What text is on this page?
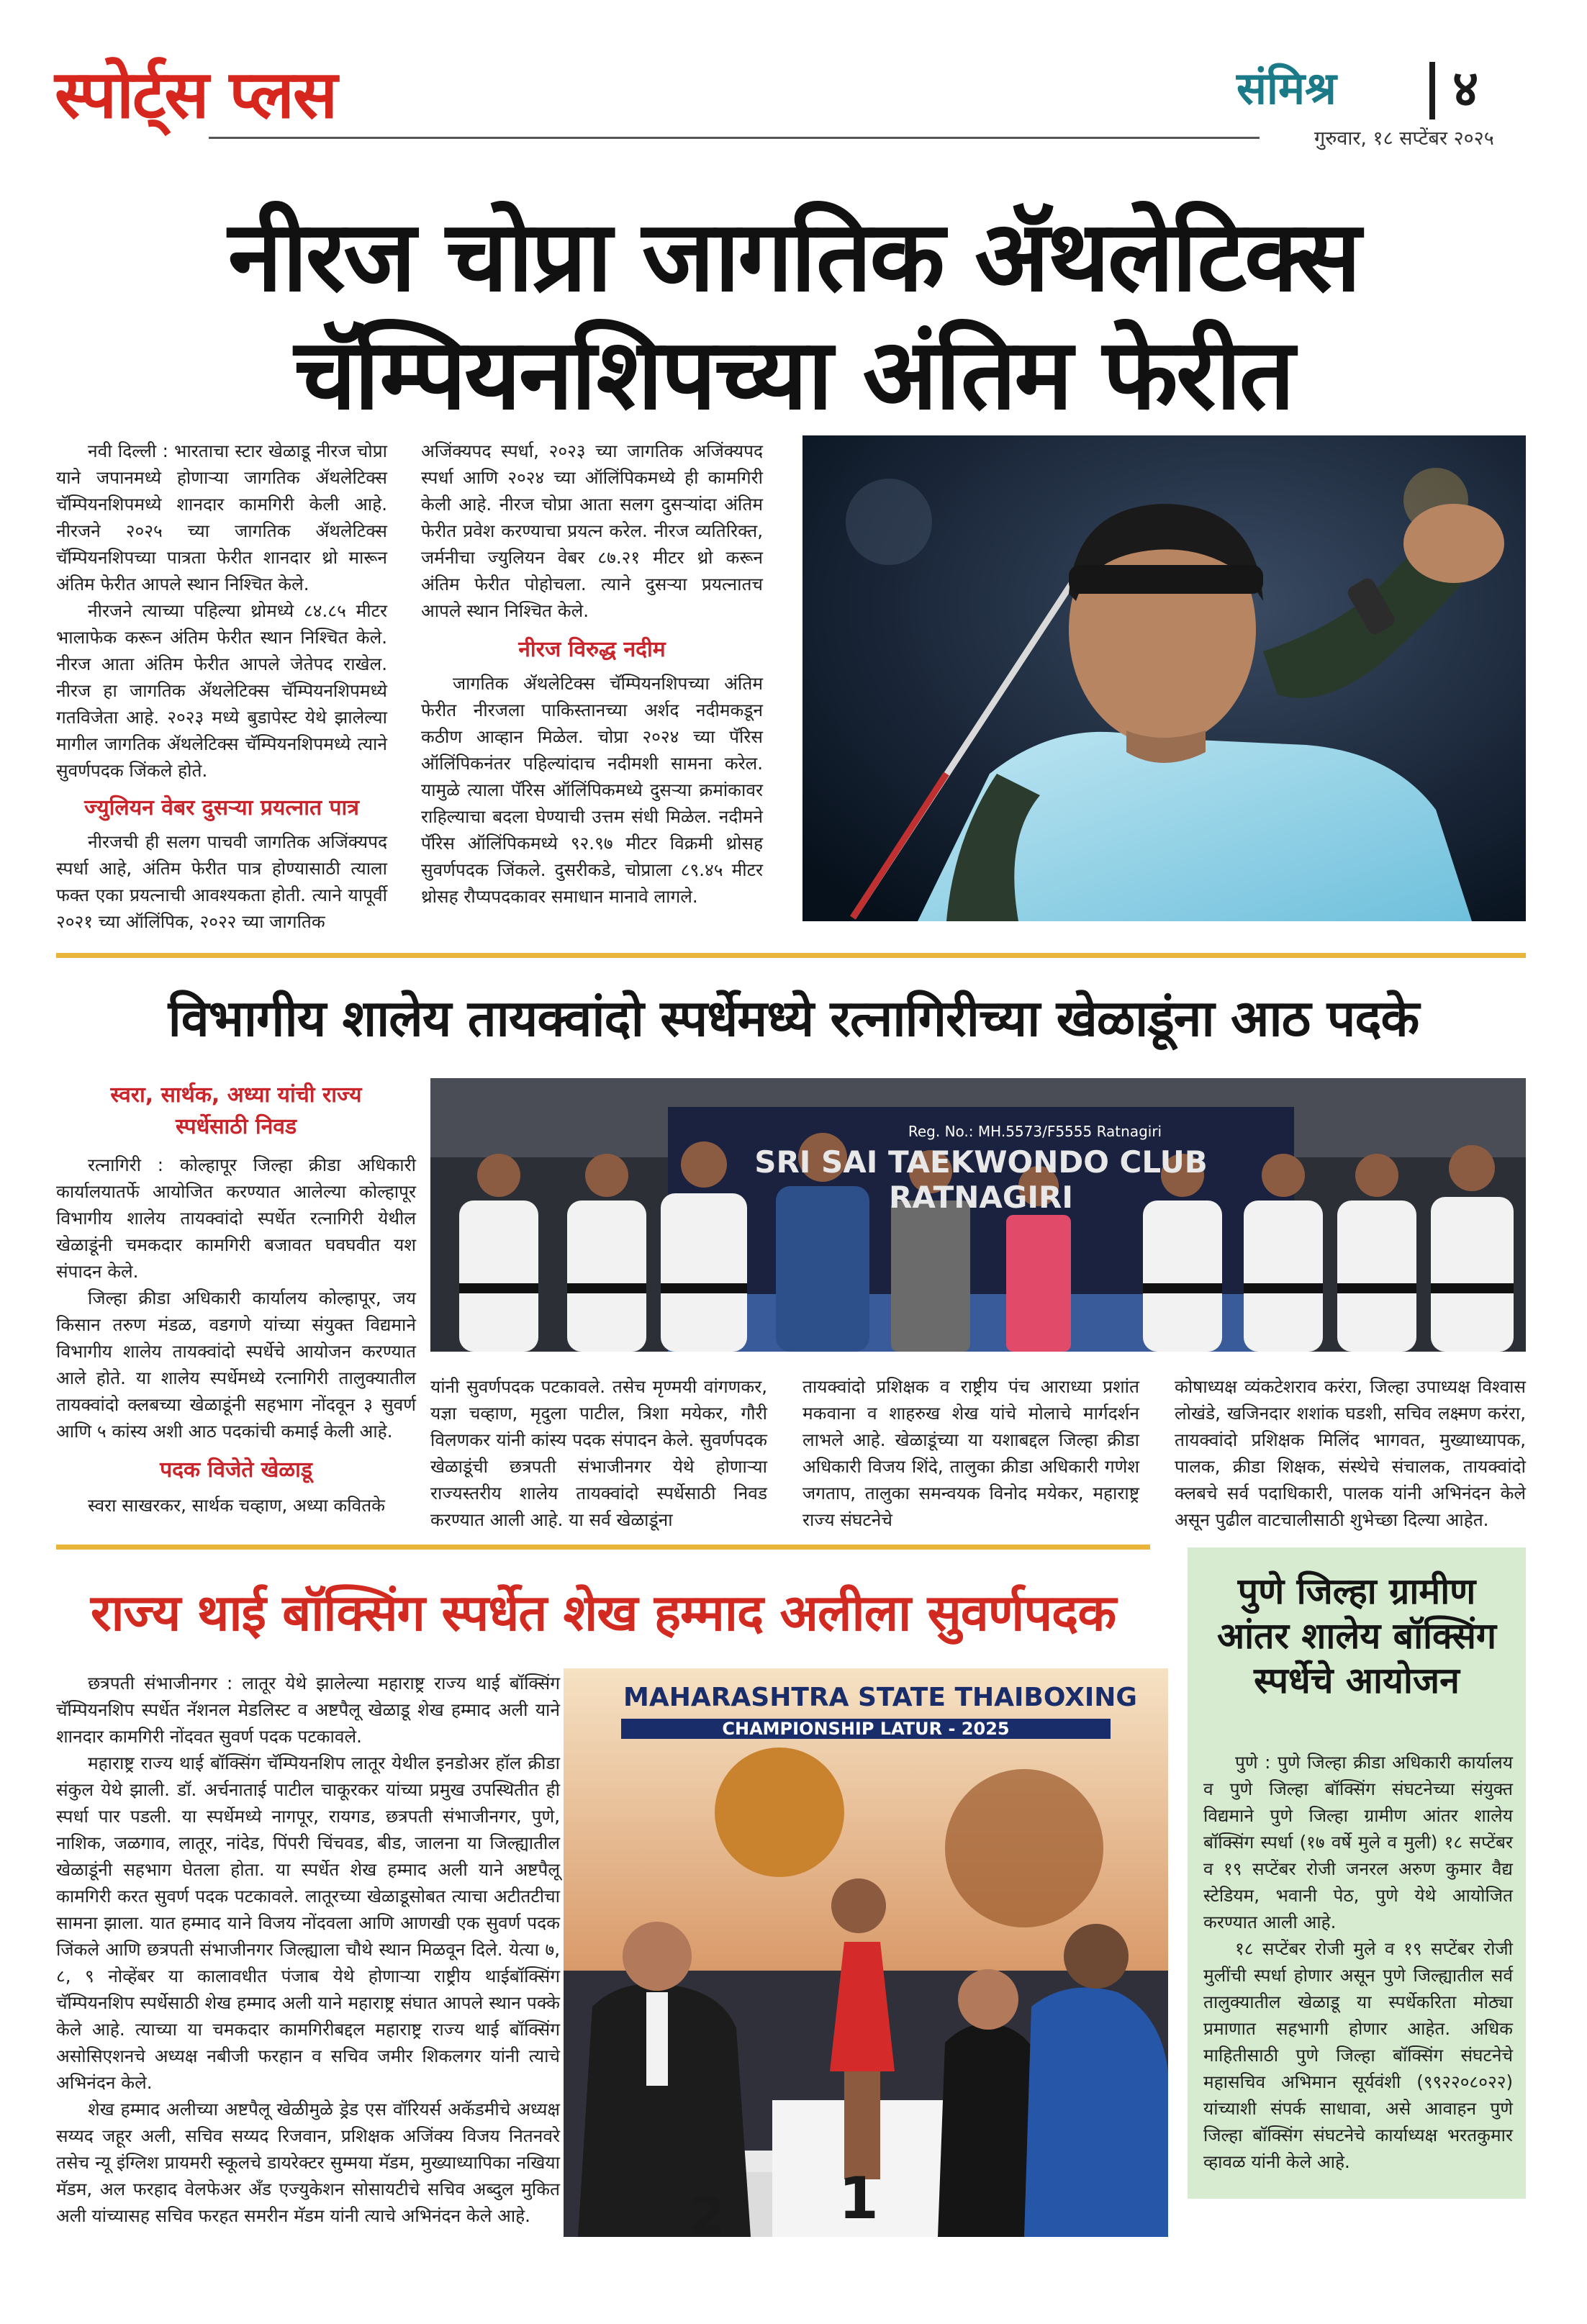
स्पोर्ट्स प्लस	संमिश्र ४
गुरुवार, १८ सप्टेंबर २०२५
नीरज चोप्रा जागतिक ॲथलेटिक्स
चॅम्पियनशिपच्या अंतिम फेरीत

नवी दिल्ली : भारताचा स्टार खेळाडू नीरज चोप्रा याने जपानमध्ये होणाऱ्या जागतिक ॲथलेटिक्स चॅम्पियनशिपमध्ये शानदार कामगिरी केली आहे. नीरजने २०२५ च्या जागतिक ॲथलेटिक्स चॅम्पियनशिपच्या पात्रता फेरीत शानदार थ्रो मारून अंतिम फेरीत आपले स्थान निश्चित केले.

नीरजने त्याच्या पहिल्या थ्रोमध्ये ८४.८५ मीटर भालाफेक करून अंतिम फेरीत स्थान निश्चित केले. नीरज आता अंतिम फेरीत आपले जेतेपद राखेल. नीरज हा जागतिक ॲथलेटिक्स चॅम्पियनशिपमध्ये गतविजेता आहे. २०२३ मध्ये बुडापेस्ट येथे झालेल्या मागील जागतिक ॲथलेटिक्स चॅम्पियनशिपमध्ये त्याने सुवर्णपदक जिंकले होते.

ज्युलियन वेबर दुसऱ्या प्रयत्नात पात्र

नीरजची ही सलग पाचवी जागतिक अजिंक्यपद स्पर्धा आहे, अंतिम फेरीत पात्र होण्यासाठी त्याला फक्त एका प्रयत्नाची आवश्यकता होती. त्याने यापूर्वी २०२१ च्या ऑलिंपिक, २०२२ च्या जागतिक

अजिंक्यपद स्पर्धा, २०२३ च्या जागतिक अजिंक्यपद स्पर्धा आणि २०२४ च्या ऑलिंपिकमध्ये ही कामगिरी केली आहे. नीरज चोप्रा आता सलग दुसऱ्यांदा अंतिम फेरीत प्रवेश करण्याचा प्रयत्न करेल. नीरज व्यतिरिक्त, जर्मनीचा ज्युलियन वेबर ८७.२१ मीटर थ्रो करून अंतिम फेरीत पोहोचला. त्याने दुसऱ्या प्रयत्नातच आपले स्थान निश्चित केले.

नीरज विरुद्ध नदीम

जागतिक ॲथलेटिक्स चॅम्पियनशिपच्या अंतिम फेरीत नीरजला पाकिस्तानच्या अर्शद नदीमकडून कठीण आव्हान मिळेल. चोप्रा २०२४ च्या पॅरिस ऑलिंपिकनंतर पहिल्यांदाच नदीमशी सामना करेल. यामुळे त्याला पॅरिस ऑलिंपिकमध्ये दुसऱ्या क्रमांकावर राहिल्याचा बदला घेण्याची उत्तम संधी मिळेल. नदीमने पॅरिस ऑलिंपिकमध्ये ९२.९७ मीटर विक्रमी थ्रोसह सुवर्णपदक जिंकले. दुसरीकडे, चोप्राला ८९.४५ मीटर थ्रोसह रौप्यपदकावर समाधान मानावे लागले.

विभागीय शालेय तायक्वांदो स्पर्धेमध्ये रत्नागिरीच्या खेळाडूंना आठ पदके
स्वरा, सार्थक, अध्या यांची राज्य स्पर्धेसाठी निवड

रत्नागिरी : कोल्हापूर जिल्हा क्रीडा अधिकारी कार्यालयातर्फे आयोजित करण्यात आलेल्या कोल्हापूर विभागीय शालेय तायक्वांदो स्पर्धेत रत्नागिरी येथील खेळाडूंनी चमकदार कामगिरी बजावत घवघवीत यश संपादन केले.

जिल्हा क्रीडा अधिकारी कार्यालय कोल्हापूर, जय किसान तरुण मंडळ, वडगणे यांच्या संयुक्त विद्यमाने विभागीय शालेय तायक्वांदो स्पर्धेचे आयोजन करण्यात आले होते. या शालेय स्पर्धेमध्ये रत्नागिरी तालुक्यातील तायक्वांदो क्लबच्या खेळाडूंनी सहभाग नोंदवून ३ सुवर्ण आणि ५ कांस्य अशी आठ पदकांची कमाई केली आहे.

पदक विजेते खेळाडू

स्वरा साखरकर, सार्थक चव्हाण, अध्या कवितके

Reg. No.: MH.5573/F5555 Ratnagiri
SRI SAI TAEKWONDO CLUB RATNAGIRI

यांनी सुवर्णपदक पटकावले. तसेच मृण्मयी वांगणकर, यज्ञा चव्हाण, मृदुला पाटील, त्रिशा मयेकर, गौरी विलणकर यांनी कांस्य पदक संपादन केले. सुवर्णपदक खेळाडूंची छत्रपती संभाजीनगर येथे होणाऱ्या राज्यस्तरीय शालेय तायक्वांदो स्पर्धेसाठी निवड करण्यात आली आहे. या सर्व खेळाडूंना

तायक्वांदो प्रशिक्षक व राष्ट्रीय पंच आराध्या प्रशांत मकवाना व शाहरुख शेख यांचे मोलाचे मार्गदर्शन लाभले आहे. खेळाडूंच्या या यशाबद्दल जिल्हा क्रीडा अधिकारी विजय शिंदे, तालुका क्रीडा अधिकारी गणेश जगताप, तालुका समन्वयक विनोद मयेकर, महाराष्ट्र राज्य संघटनेचे

कोषाध्यक्ष व्यंकटेशराव करंरा, जिल्हा उपाध्यक्ष विश्वास लोखंडे, खजिनदार शशांक घडशी, सचिव लक्ष्मण करंरा, तायक्वांदो प्रशिक्षक मिलिंद भागवत, मुख्याध्यापक, पालक, क्रीडा शिक्षक, संस्थेचे संचालक, तायक्वांदो क्लबचे सर्व पदाधिकारी, पालक यांनी अभिनंदन केले असून पुढील वाटचालीसाठी शुभेच्छा दिल्या आहेत.

राज्य थाई बॉक्सिंग स्पर्धेत शेख हम्माद अलीला सुवर्णपदक

छत्रपती संभाजीनगर : लातूर येथे झालेल्या महाराष्ट्र राज्य थाई बॉक्सिंग चॅम्पियनशिप स्पर्धेत नॅशनल मेडलिस्ट व अष्टपैलू खेळाडू शेख हम्माद अली याने शानदार कामगिरी नोंदवत सुवर्ण पदक पटकावले.

महाराष्ट्र राज्य थाई बॉक्सिंग चॅम्पियनशिप लातूर येथील इनडोअर हॉल क्रीडा संकुल येथे झाली. डॉ. अर्चनाताई पाटील चाकूरकर यांच्या प्रमुख उपस्थितीत ही स्पर्धा पार पडली. या स्पर्धेमध्ये नागपूर, रायगड, छत्रपती संभाजीनगर, पुणे, नाशिक, जळगाव, लातूर, नांदेड, पिंपरी चिंचवड, बीड, जालना या जिल्ह्यातील खेळाडूंनी सहभाग घेतला होता. या स्पर्धेत शेख हम्माद अली याने अष्टपैलू कामगिरी करत सुवर्ण पदक पटकावले. लातूरच्या खेळाडूसोबत त्याचा अटीतटीचा सामना झाला. यात हम्माद याने विजय नोंदवला आणि आणखी एक सुवर्ण पदक जिंकले आणि छत्रपती संभाजीनगर जिल्ह्याला चौथे स्थान मिळवून दिले. येत्या ७, ८, ९ नोव्हेंबर या कालावधीत पंजाब येथे होणाऱ्या राष्ट्रीय थाईबॉक्सिंग चॅम्पियनशिप स्पर्धेसाठी शेख हम्माद अली याने महाराष्ट्र संघात आपले स्थान पक्के केले आहे. त्याच्या या चमकदार कामगिरीबद्दल महाराष्ट्र राज्य थाई बॉक्सिंग असोसिएशनचे अध्यक्ष नबीजी फरहान व सचिव जमीर शिकलगर यांनी त्याचे अभिनंदन केले.

शेख हम्माद अलीच्या अष्टपैलू खेळीमुळे ड्रेड एस वॉरियर्स अकॅडमीचे अध्यक्ष सय्यद जहूर अली, सचिव सय्यद रिजवान, प्रशिक्षक अजिंक्य विजय नितनवरे तसेच न्यू इंग्लिश प्रायमरी स्कूलचे डायरेक्टर सुम्मया मॅडम, मुख्याध्यापिका नखिया मॅडम, अल फरहाद वेलफेअर अँड एज्युकेशन सोसायटीचे सचिव अब्दुल मुकित अली यांच्यासह सचिव फरहत समरीन मॅडम यांनी त्याचे अभिनंदन केले आहे.

MAHARASHTRA STATE THAIBOXING
CHAMPIONSHIP LATUR - 2025
1
2
पुणे जिल्हा ग्रामीण आंतर शालेय बॉक्सिंग स्पर्धेचे आयोजन

पुणे : पुणे जिल्हा क्रीडा अधिकारी कार्यालय व पुणे जिल्हा बॉक्सिंग संघटनेच्या संयुक्त विद्यमाने पुणे जिल्हा ग्रामीण आंतर शालेय बॉक्सिंग स्पर्धा (१७ वर्षे मुले व मुली) १८ सप्टेंबर व १९ सप्टेंबर रोजी जनरल अरुण कुमार वैद्य स्टेडियम, भवानी पेठ, पुणे येथे आयोजित करण्यात आली आहे.

१८ सप्टेंबर रोजी मुले व १९ सप्टेंबर रोजी मुलींची स्पर्धा होणार असून पुणे जिल्ह्यातील सर्व तालुक्यातील खेळाडू या स्पर्धेकरिता मोठ्या प्रमाणात सहभागी होणार आहेत. अधिक माहितीसाठी पुणे जिल्हा बॉक्सिंग संघटनेचे महासचिव अभिमान सूर्यवंशी (९९२२०८०२२) यांच्याशी संपर्क साधावा, असे आवाहन पुणे जिल्हा बॉक्सिंग संघटनेचे कार्याध्यक्ष भरतकुमार व्हावळ यांनी केले आहे.
